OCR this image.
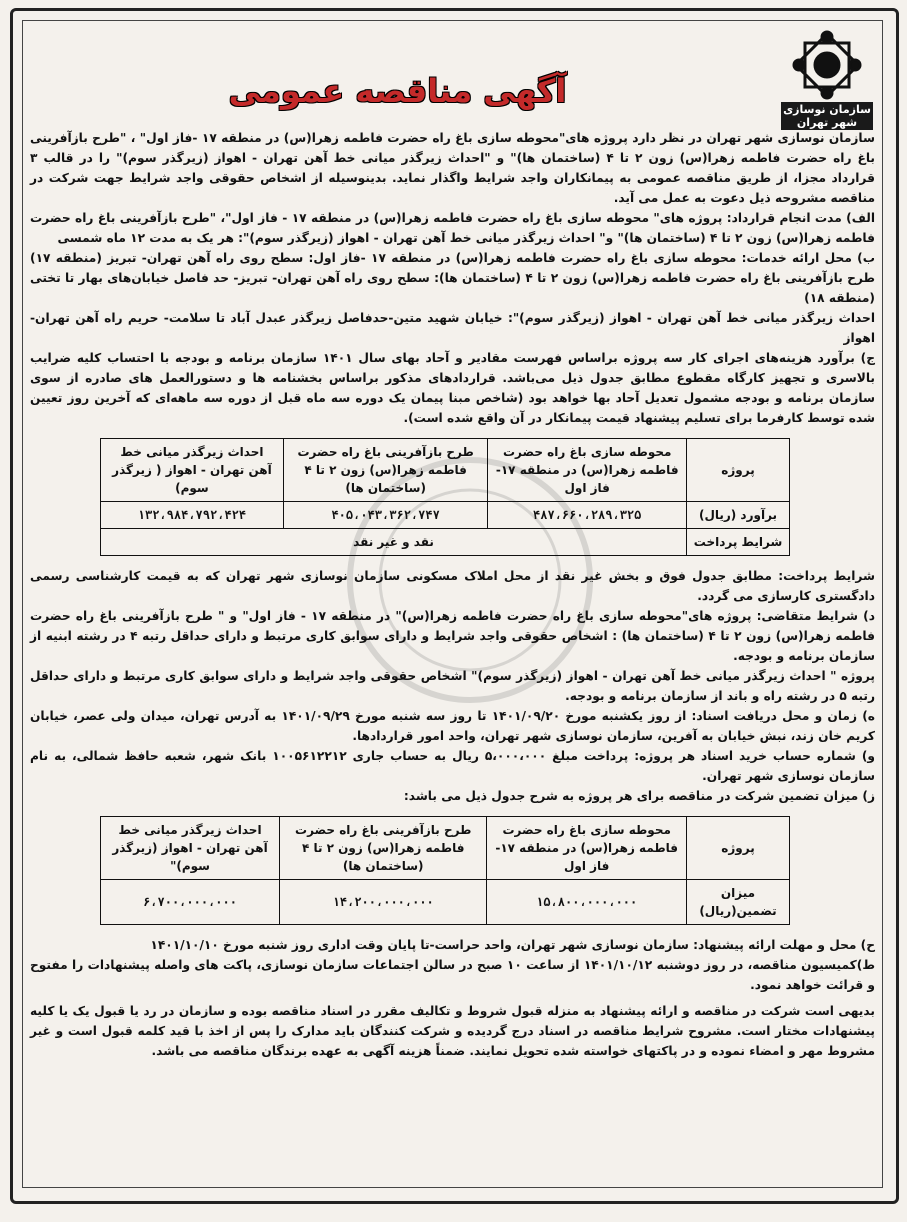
آگهی مناقصه عمومی	سازمان نوسازی شهر تهران

سازمان نوسازی شهر تهران در نظر دارد پروژه های"محوطه سازی باغ راه حضرت فاطمه زهرا(س) در منطقه ۱۷ -فاز اول" ، "طرح بازآفرینی باغ راه حضرت فاطمه زهرا(س) زون ۲ تا ۴ (ساختمان ها)" و "احداث زیرگذر میانی خط آهن تهران - اهواز (زیرگذر سوم)" را در قالب ۳ قرارداد مجزا، از طریق مناقصه عمومی به پیمانکاران واجد شرایط واگذار نماید. بدینوسیله از اشخاص حقوقی واجد شرایط جهت شرکت در مناقصه مشروحه ذیل دعوت به عمل می آید.

الف) مدت انجام قرارداد: پروژه های" محوطه سازی باغ راه حضرت فاطمه زهرا(س) در منطقه ۱۷ - فاز اول"، "طرح بازآفرینی باغ راه حضرت فاطمه زهرا(س) زون ۲ تا ۴ (ساختمان ها)" و" احداث زیرگذر میانی خط آهن تهران - اهواز (زیرگذر سوم)": هر یک به مدت ۱۲ ماه شمسی

ب) محل ارائه خدمات: محوطه سازی باغ راه حضرت فاطمه زهرا(س) در منطقه ۱۷ -فاز اول: سطح روی راه آهن تهران- تبریز (منطقه ۱۷) طرح بازآفرینی باغ راه حضرت فاطمه زهرا(س) زون ۲ تا ۴ (ساختمان ها): سطح روی راه آهن تهران- تبریز- حد فاصل خیابان‌های بهار تا تختی (منطقه ۱۸)

احداث زیرگذر میانی خط آهن تهران - اهواز (زیرگذر سوم)": خیابان شهید متین-حدفاصل زیرگذر عبدل آباد تا سلامت- حریم راه آهن تهران-اهواز

ج) برآورد هزینه‌های اجرای کار سه پروژه براساس فهرست مقادیر و آحاد بهای سال ۱۴۰۱ سازمان برنامه و بودجه با احتساب کلیه ضرایب بالاسری و تجهیز کارگاه مقطوع مطابق جدول ذیل می‌باشد. قراردادهای مذکور براساس بخشنامه ها و دستورالعمل های صادره از سوی سازمان برنامه و بودجه مشمول تعدیل آحاد بها خواهد بود (شاخص مبنا پیمان یک دوره سه ماه قبل از دوره سه ماهه‌ای که آخرین روز تعیین شده توسط کارفرما برای تسلیم پیشنهاد قیمت پیمانکار در آن واقع شده است).

پروژه	محوطه سازی باغ راه حضرت فاطمه زهرا(س) در منطقه ۱۷- فاز اول	طرح بازآفرینی باغ راه حضرت فاطمه زهرا(س) زون ۲ تا ۴ (ساختمان ها)	احداث زیرگذر میانی خط آهن تهران - اهواز ( زیرگذر سوم)
برآورد (ریال)	۴۸۷،۶۶۰،۲۸۹،۳۲۵	۴۰۵،۰۴۳،۳۶۲،۷۴۷	۱۳۲،۹۸۴،۷۹۲،۴۲۴
شرایط پرداخت	نقد و غیر نقد		

شرایط پرداخت: مطابق جدول فوق و بخش غیر نقد از محل املاک مسکونی سازمان نوسازی شهر تهران که به قیمت کارشناسی رسمی دادگستری کارسازی می گردد.

د) شرایط متقاضی: پروژه های"محوطه سازی باغ راه حضرت فاطمه زهرا(س)" در منطقه ۱۷ - فاز اول" و " طرح بازآفرینی باغ راه حضرت فاطمه زهرا(س) زون ۲ تا ۴ (ساختمان ها) : اشخاص حقوقی واجد شرایط و دارای سوابق کاری مرتبط و دارای حداقل رتبه ۴ در رشته ابنیه از سازمان برنامه و بودجه.

پروژه " احداث زیرگذر میانی خط آهن تهران - اهواز (زیرگذر سوم)" اشخاص حقوقی واجد شرایط و دارای سوابق کاری مرتبط و دارای حداقل رتبه ۵ در رشته راه و باند از سازمان برنامه و بودجه.

ه) زمان و محل دریافت اسناد: از روز یکشنبه مورخ ۱۴۰۱/۰۹/۲۰ تا روز سه شنبه مورخ ۱۴۰۱/۰۹/۲۹ به آدرس تهران، میدان ولی عصر، خیابان کریم خان زند، نبش خیابان به آفرین، سازمان نوسازی شهر تهران، واحد امور قراردادها.

و) شماره حساب خرید اسناد هر پروژه: پرداخت مبلغ ۵،۰۰۰،۰۰۰ ریال به حساب جاری ۱۰۰۵۶۱۲۲۱۲ بانک شهر، شعبه حافظ شمالی، به نام سازمان نوسازی شهر تهران.

ز) میزان تضمین شرکت در مناقصه برای هر پروژه به شرح جدول ذیل می باشد:

پروژه	محوطه سازی باغ راه حضرت فاطمه زهرا(س) در منطقه ۱۷-فاز اول	طرح بازآفرینی باغ راه حضرت فاطمه زهرا(س) زون ۲ تا ۴ (ساختمان ها)	احداث زیرگذر میانی خط آهن تهران - اهواز (زیرگذر سوم)"
میزان تضمین(ریال)	۱۵،۸۰۰،۰۰۰،۰۰۰	۱۴،۲۰۰،۰۰۰،۰۰۰	۶،۷۰۰،۰۰۰،۰۰۰

ح) محل و مهلت ارائه پیشنهاد: سازمان نوسازی شهر تهران، واحد حراست-تا پایان وقت اداری روز شنبه مورخ ۱۴۰۱/۱۰/۱۰

ط)کمیسیون مناقصه، در روز دوشنبه ۱۴۰۱/۱۰/۱۲ از ساعت ۱۰ صبح در سالن اجتماعات سازمان نوسازی، پاکت های واصله پیشنهادات را مفتوح و قرائت خواهد نمود.

بدیهی است شرکت در مناقصه و ارائه پیشنهاد به منزله قبول شروط و تکالیف مقرر در اسناد مناقصه بوده و سازمان در رد یا قبول یک یا کلیه پیشنهادات مختار است. مشروح شرایط مناقصه در اسناد درج گردیده و شرکت کنندگان باید مدارک را پس از اخذ با قید کلمه قبول است و غیر مشروط مهر و امضاء نموده و در پاکتهای خواسته شده تحویل نمایند. ضمناً هزینه آگهی به عهده برندگان مناقصه می باشد.
